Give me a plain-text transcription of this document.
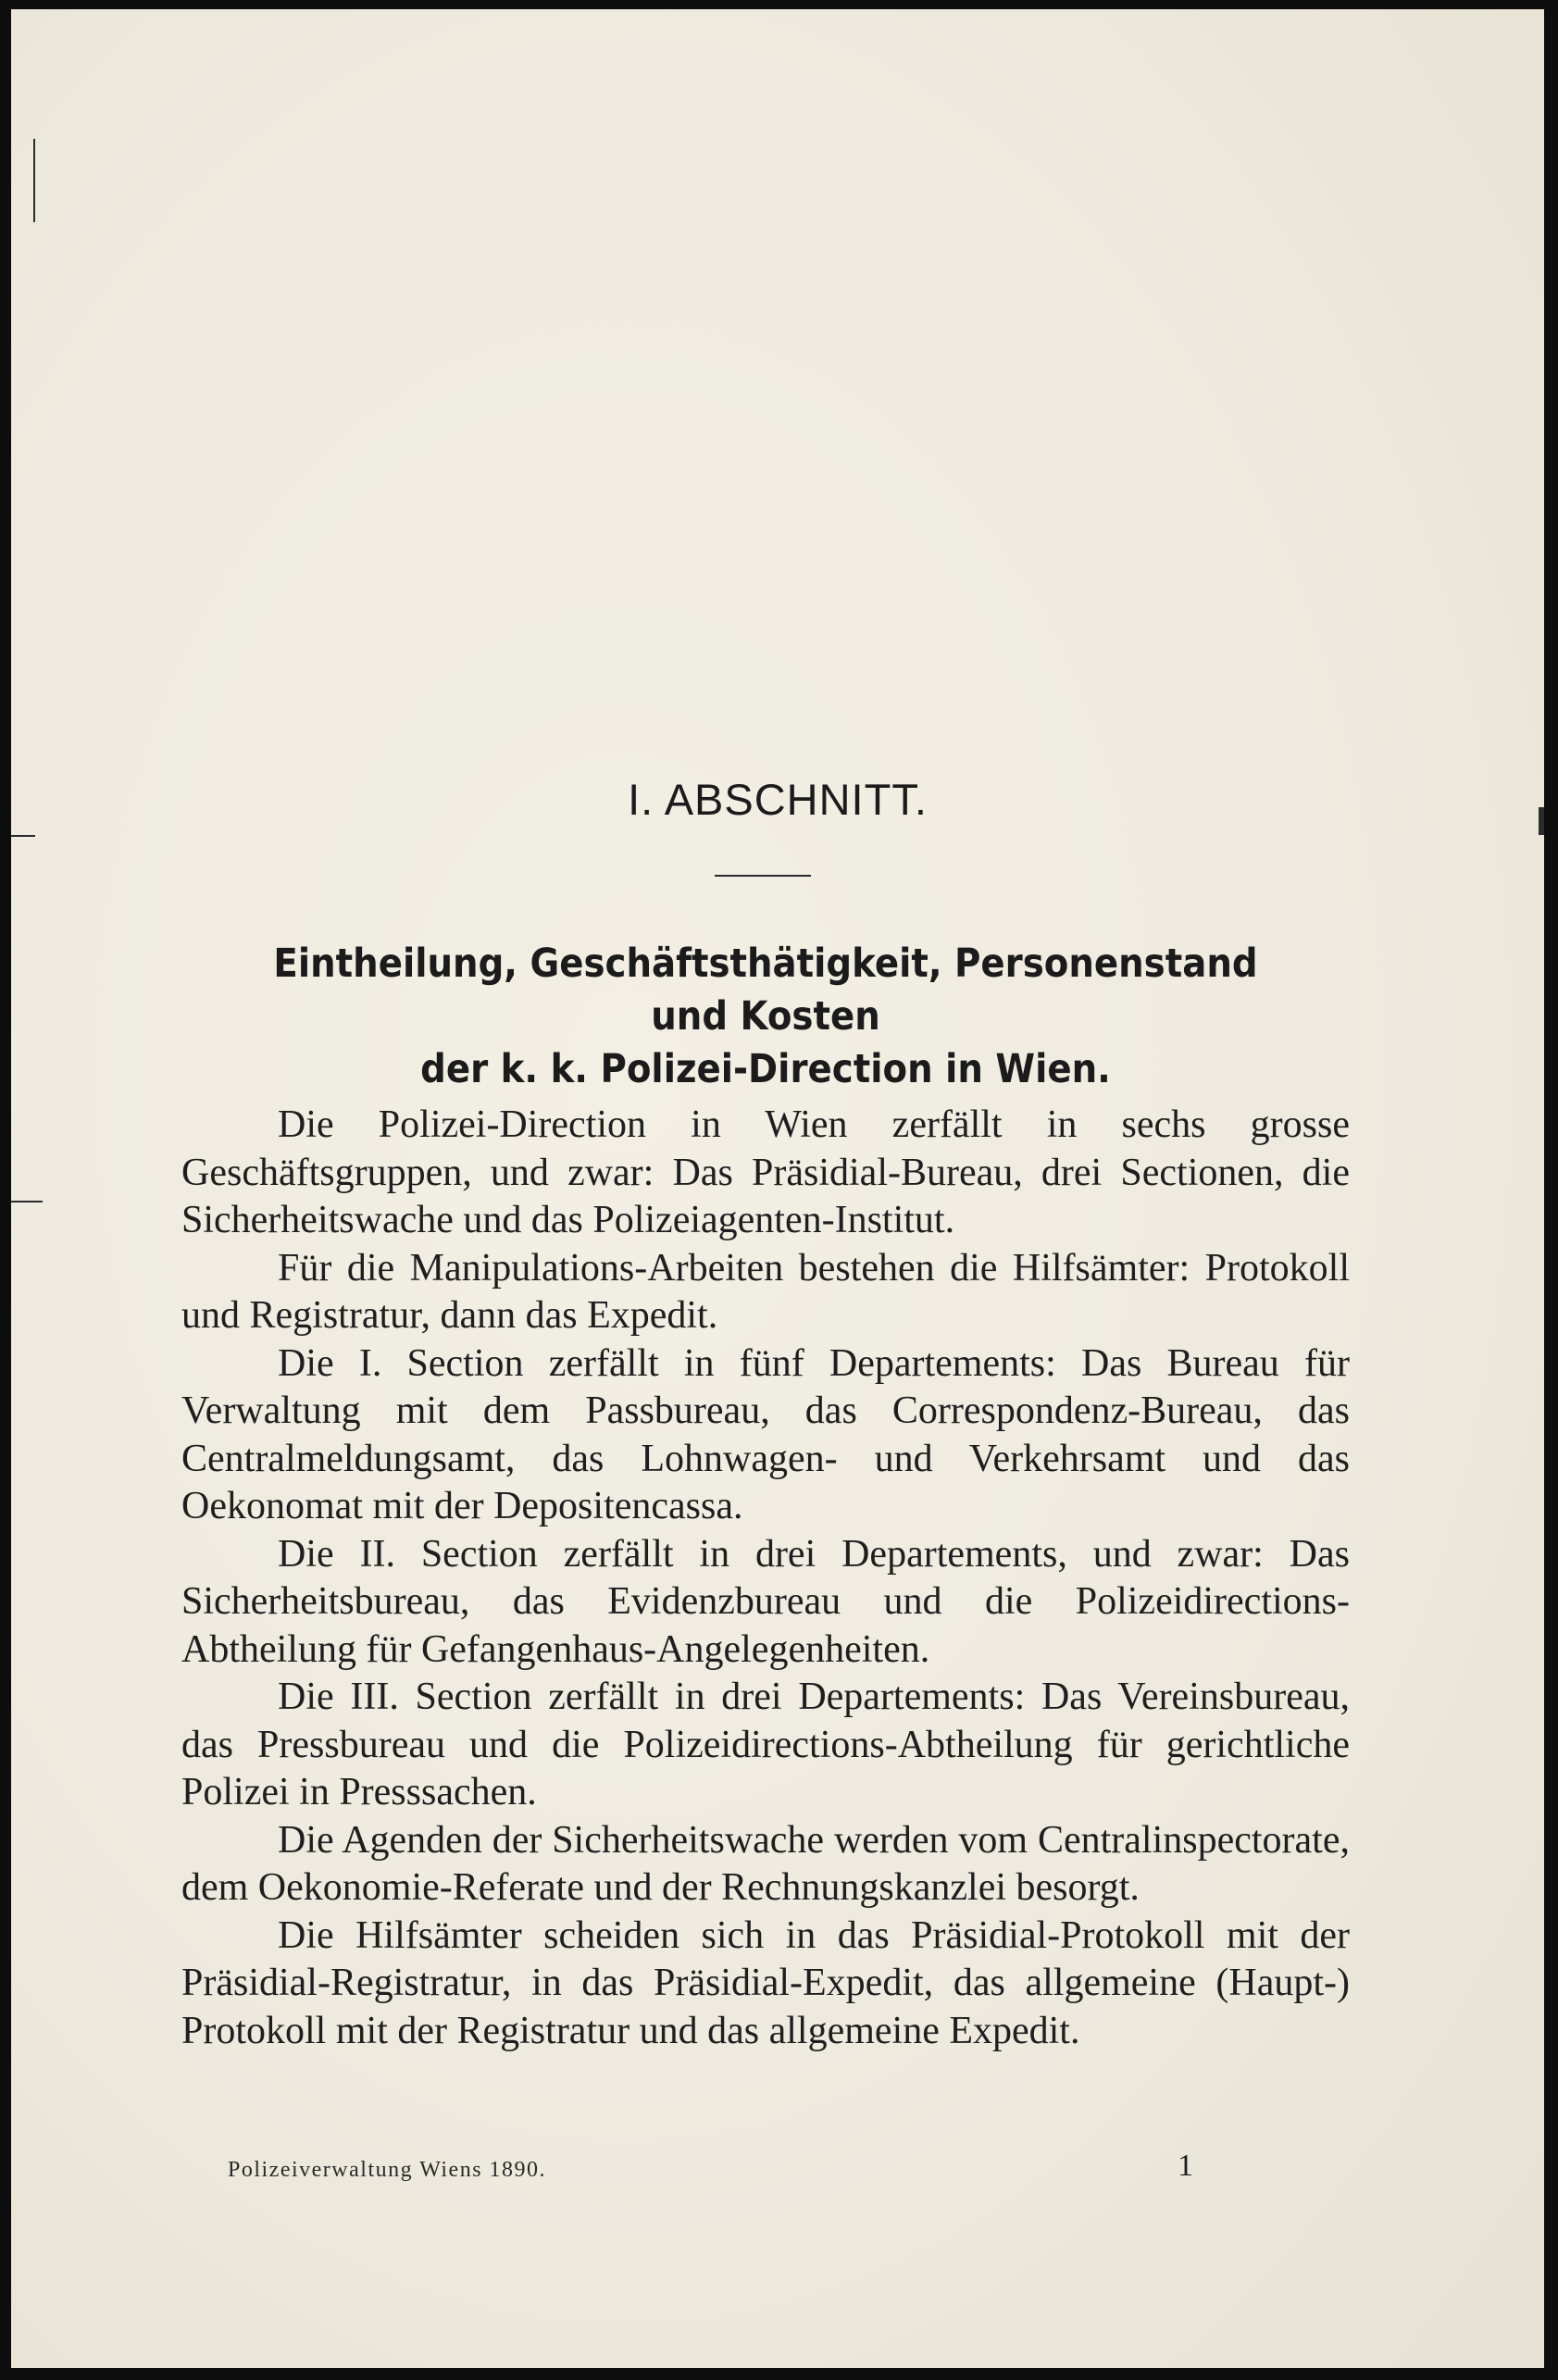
I. ABSCHNITT.
Eintheilung, Geschäftsthätigkeit, Personenstand und Kosten
der k. k. Polizei-Direction in Wien.

Die Polizei-Direction in Wien zerfällt in sechs grosse Geschäftsgruppen, und zwar: Das Präsidial-Bureau, drei Sectionen, die Sicherheitswache und das Polizeiagenten-Institut.

Für die Manipulations-Arbeiten bestehen die Hilfsämter: Protokoll und Registratur, dann das Expedit.

Die I. Section zerfällt in fünf Departements: Das Bureau für Verwaltung mit dem Passbureau, das Correspondenz-Bureau, das Centralmeldungsamt, das Lohnwagen- und Verkehrsamt und das Oekonomat mit der Depositencassa.

Die II. Section zerfällt in drei Departements, und zwar: Das Sicherheitsbureau, das Evidenzbureau und die Polizeidirections-Abtheilung für Gefangenhaus-Angelegenheiten.

Die III. Section zerfällt in drei Departements: Das Vereinsbureau, das Pressbureau und die Polizeidirections-Abtheilung für gerichtliche Polizei in Presssachen.

Die Agenden der Sicherheitswache werden vom Centralinspectorate, dem Oekonomie-Referate und der Rechnungskanzlei besorgt.

Die Hilfsämter scheiden sich in das Präsidial-Protokoll mit der Präsidial-Registratur, in das Präsidial-Expedit, das allgemeine (Haupt-) Protokoll mit der Registratur und das allgemeine Expedit.

Polizeiverwaltung Wiens 1890.	1
